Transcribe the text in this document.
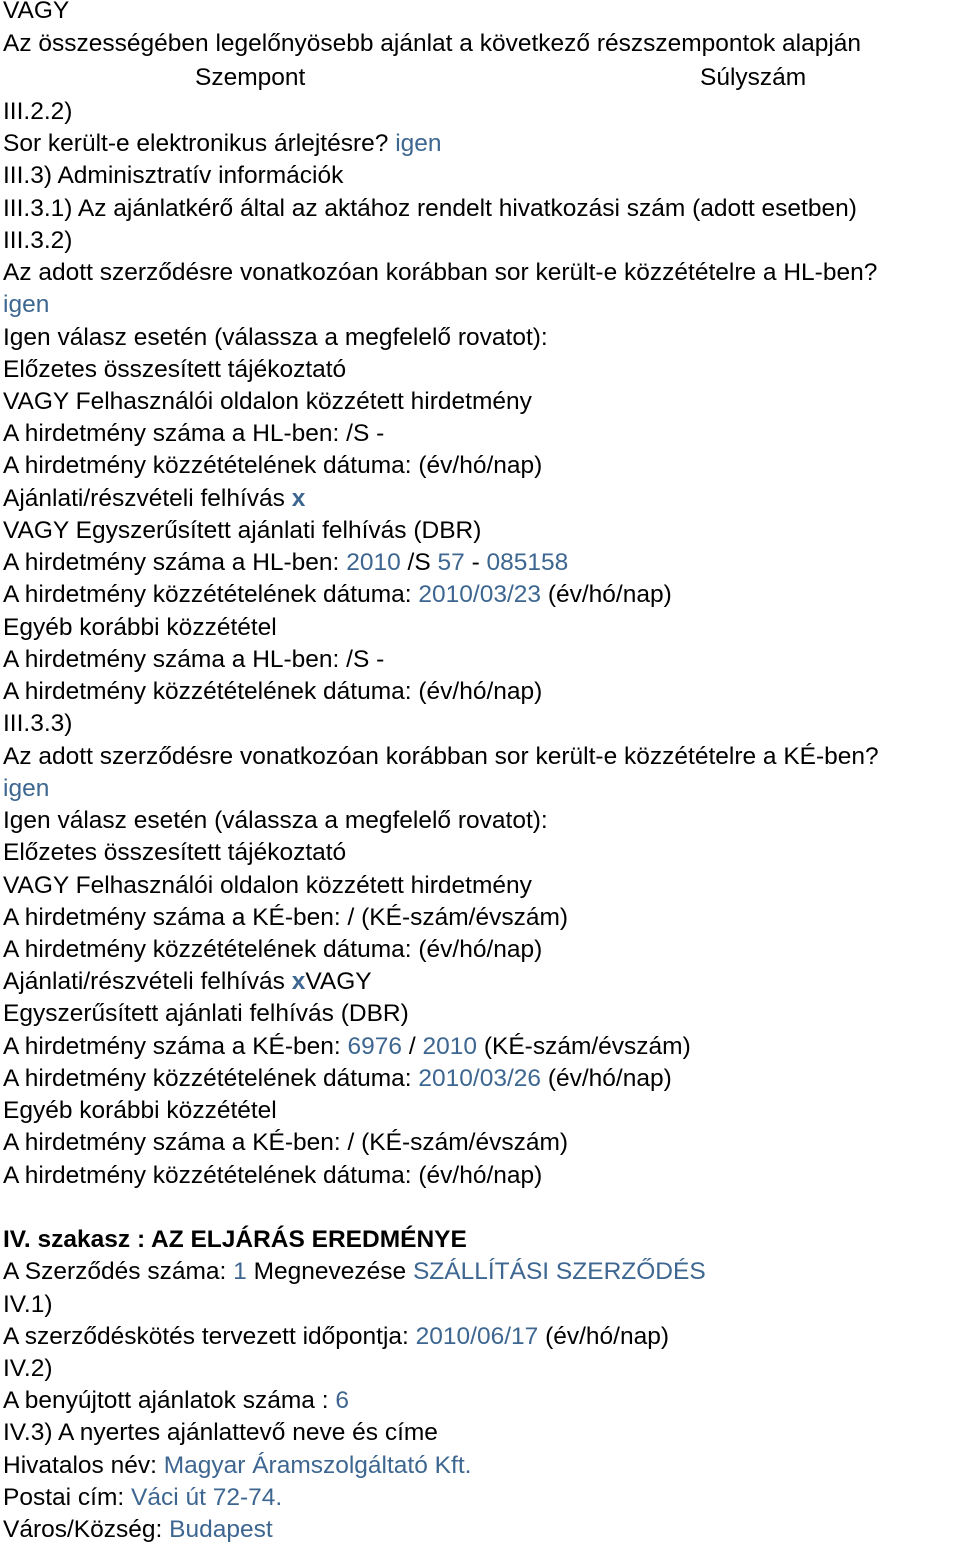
VAGY
Az összességében legelőnyösebb ajánlat a következő részszempontok alapján
Szempont	Súlyszám
III.2.2)
Sor került-e elektronikus árlejtésre? igen
III.3) Adminisztratív információk
III.3.1) Az ajánlatkérő által az aktához rendelt hivatkozási szám (adott esetben)
III.3.2)
Az adott szerződésre vonatkozóan korábban sor került-e közzétételre a HL-ben?
igen
Igen válasz esetén (válassza a megfelelő rovatot):
Előzetes összesített tájékoztató
VAGY Felhasználói oldalon közzétett hirdetmény
A hirdetmény száma a HL-ben: /S -
A hirdetmény közzétételének dátuma: (év/hó/nap)
Ajánlati/részvételi felhívás x
VAGY Egyszerűsített ajánlati felhívás (DBR)
A hirdetmény száma a HL-ben: 2010 /S 57 - 085158
A hirdetmény közzétételének dátuma: 2010/03/23 (év/hó/nap)
Egyéb korábbi közzététel
A hirdetmény száma a HL-ben: /S -
A hirdetmény közzétételének dátuma: (év/hó/nap)
III.3.3)
Az adott szerződésre vonatkozóan korábban sor került-e közzétételre a KÉ-ben?
igen
Igen válasz esetén (válassza a megfelelő rovatot):
Előzetes összesített tájékoztató
VAGY Felhasználói oldalon közzétett hirdetmény
A hirdetmény száma a KÉ-ben: / (KÉ-szám/évszám)
A hirdetmény közzétételének dátuma: (év/hó/nap)
Ajánlati/részvételi felhívás xVAGY
Egyszerűsített ajánlati felhívás (DBR)
A hirdetmény száma a KÉ-ben: 6976 / 2010 (KÉ-szám/évszám)
A hirdetmény közzétételének dátuma: 2010/03/26 (év/hó/nap)
Egyéb korábbi közzététel
A hirdetmény száma a KÉ-ben: / (KÉ-szám/évszám)
A hirdetmény közzétételének dátuma: (év/hó/nap)
IV. szakasz : AZ ELJÁRÁS EREDMÉNYE
A Szerződés száma: 1 Megnevezése SZÁLLÍTÁSI SZERZŐDÉS
IV.1)
A szerződéskötés tervezett időpontja: 2010/06/17 (év/hó/nap)
IV.2)
A benyújtott ajánlatok száma : 6
IV.3) A nyertes ajánlattevő neve és címe
Hivatalos név: Magyar Áramszolgáltató Kft.
Postai cím: Váci út 72-74.
Város/Község: Budapest
